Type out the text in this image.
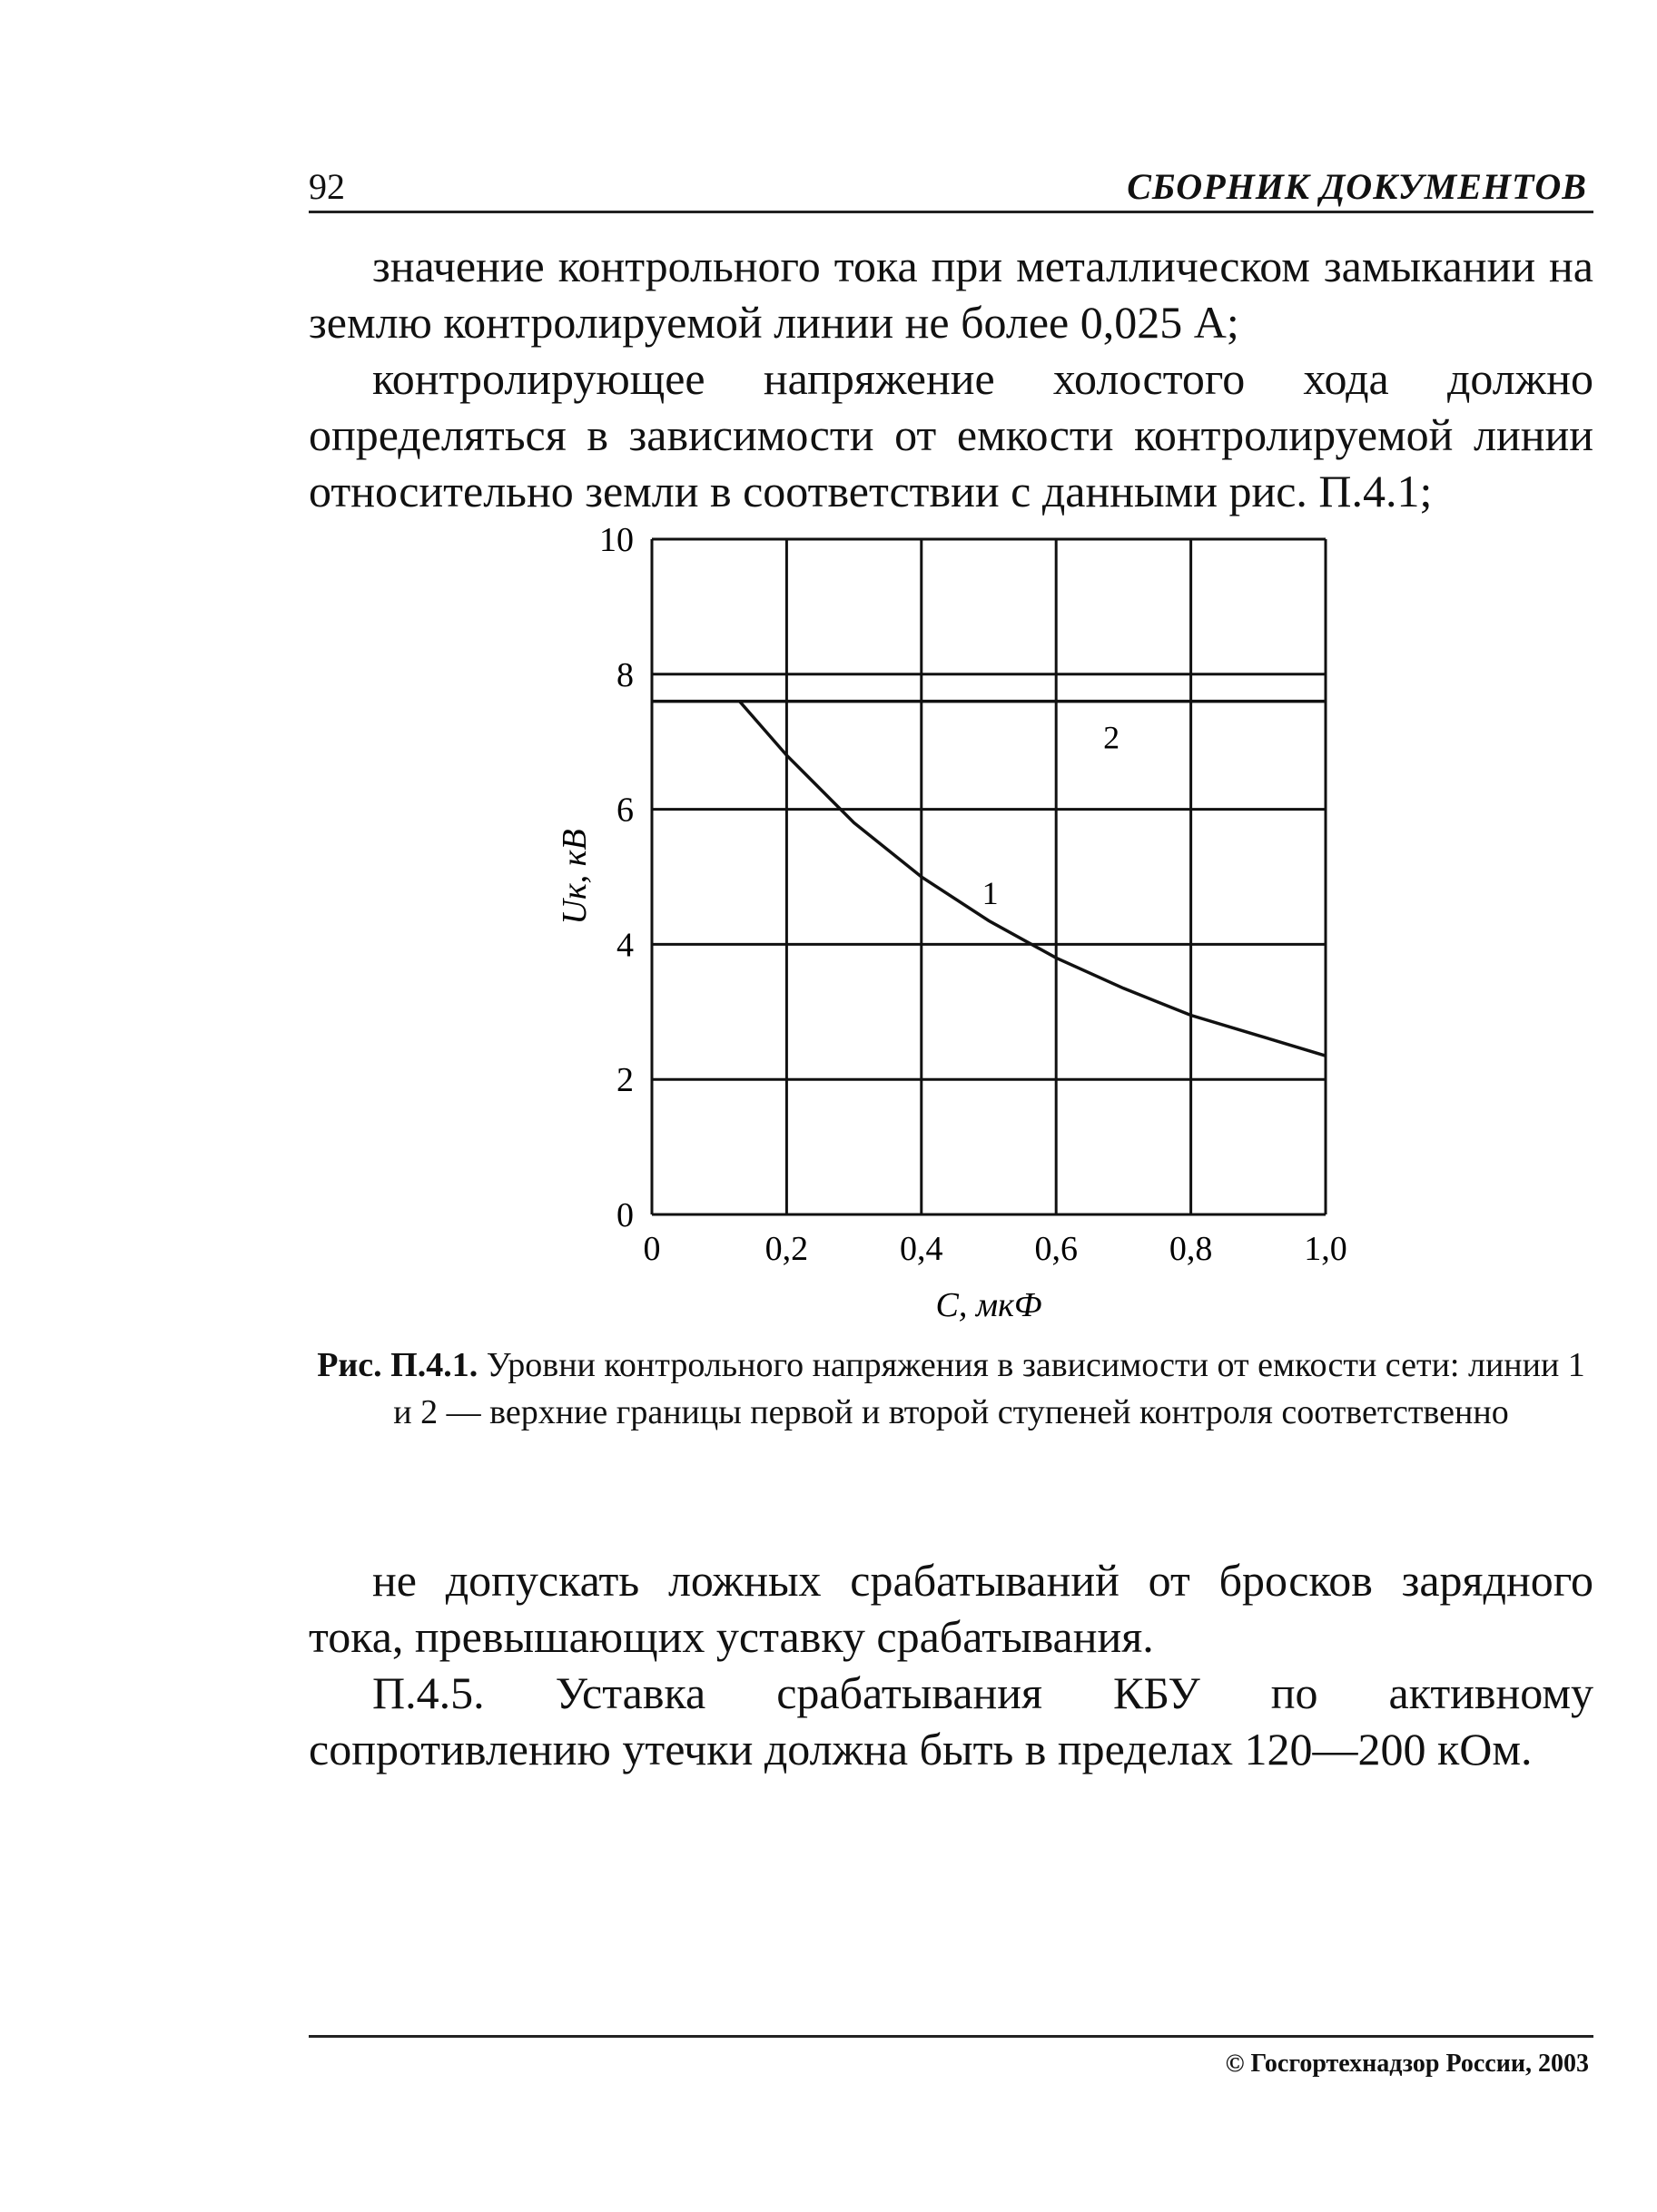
92	СБОРНИК ДОКУМЕНТОВ

значение контрольного тока при металлическом замыкании на землю контролируемой линии не более 0,025 А;

контролирующее напряжение холостого хода должно определяться в зависимости от емкости контролируемой линии относительно земли в соответствии с данными рис. П.4.1;

0	0,2	0,4	0,6	0,8	1,0
0
2
4
6
8
10
C, мкФ
Uк, кВ	1
2
Рис. П.4.1. Уровни контрольного напряжения в зависимости от емкости сети: линии 1 и 2 — верхние границы первой и второй ступеней контроля соответственно

не допускать ложных срабатываний от бросков зарядного тока, превышающих уставку срабатывания.

П.4.5. Уставка срабатывания КБУ по активному сопротивлению утечки должна быть в пределах 120—200 кОм.

© Госгортехнадзор России, 2003
